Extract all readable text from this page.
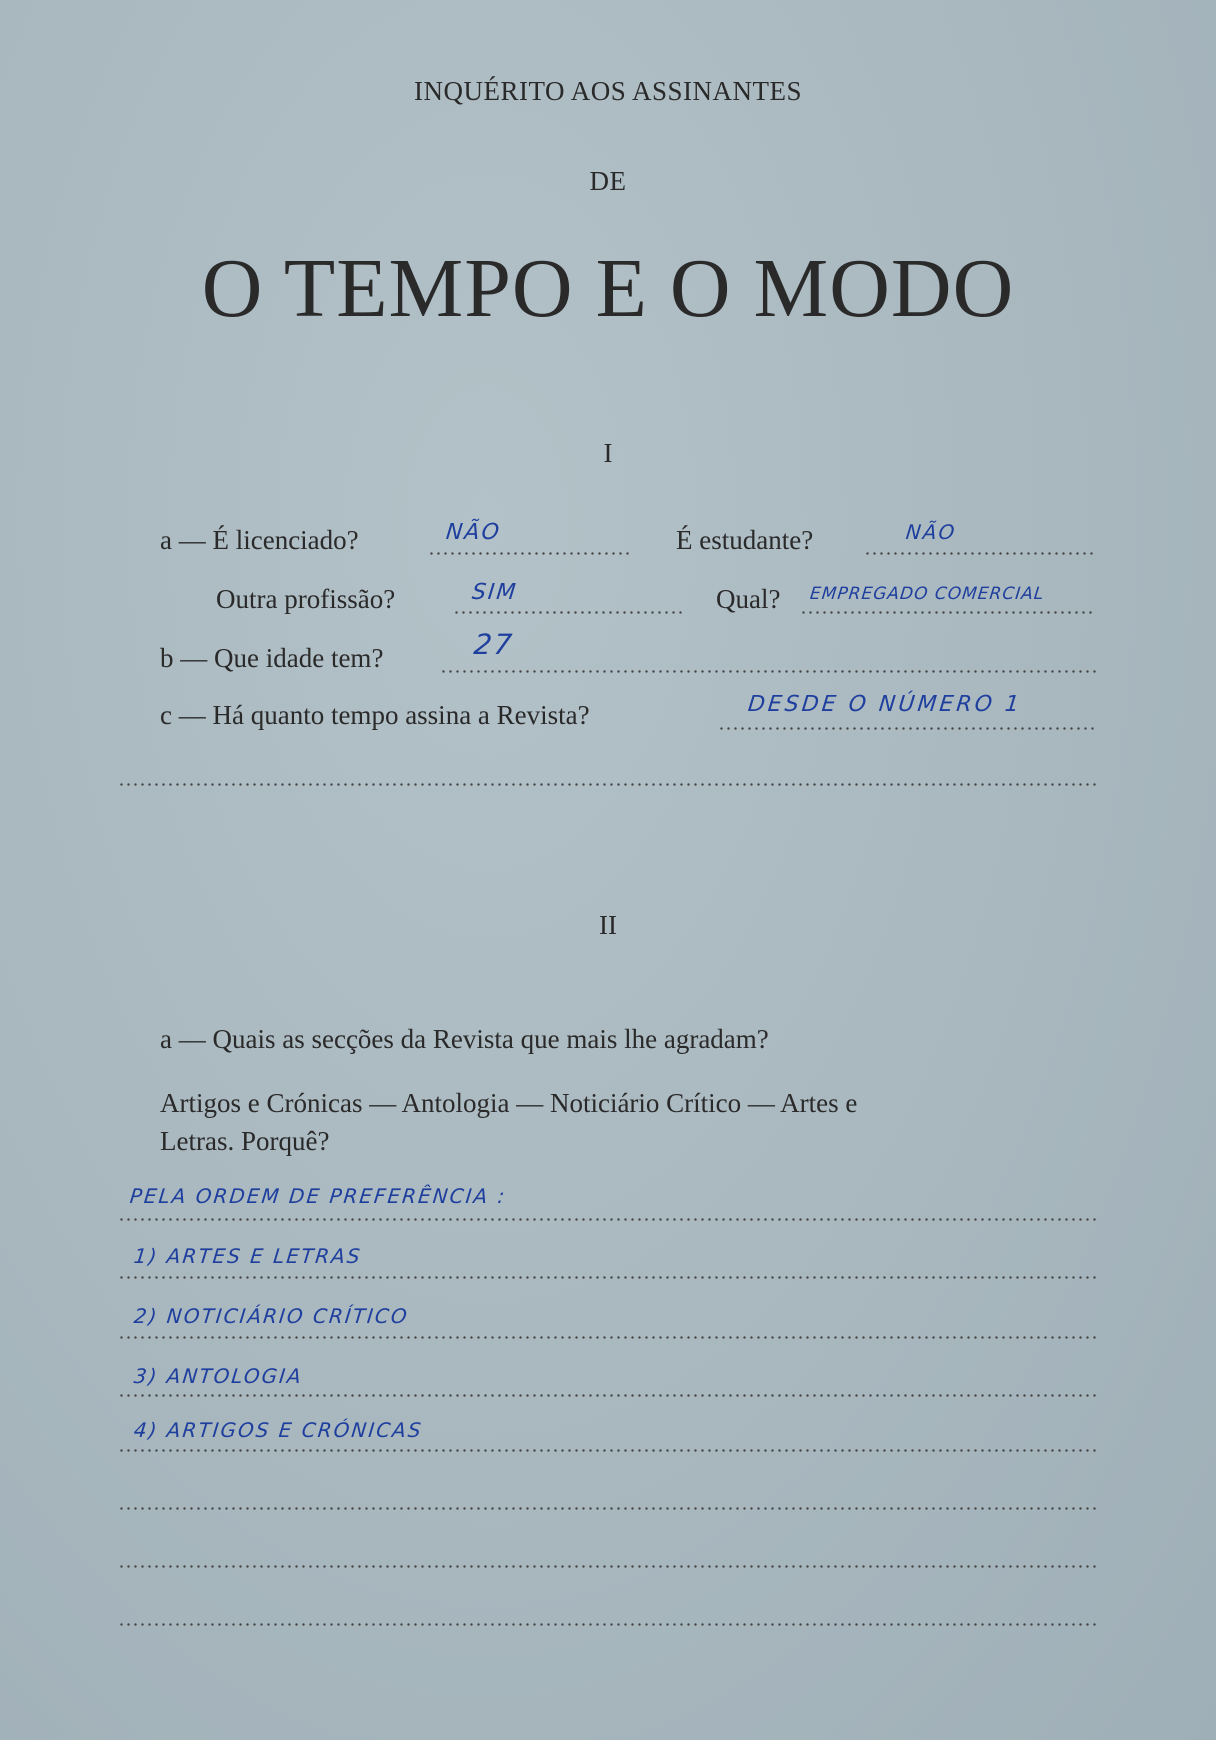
INQUÉRITO AOS ASSINANTES
DE
O TEMPO E O MODO
I
a — É licenciado?	NÃO	É estudante?	NÃO
Outra profissão?	SIM	Qual? EMPREGADO COMERCIAL
b — Que idade tem?	27
c — Há quanto tempo assina a Revista?	DESDE O NÚMERO 1
II
a — Quais as secções da Revista que mais lhe agradam?
Artigos e Crónicas — Antologia — Noticiário Crítico — Artes e
Letras. Porquê?
PELA ORDEM DE PREFERÊNCIA :
1) ARTES E LETRAS
2) NOTICIÁRIO CRÍTICO
3) ANTOLOGIA
4) ARTIGOS E CRÓNICAS
